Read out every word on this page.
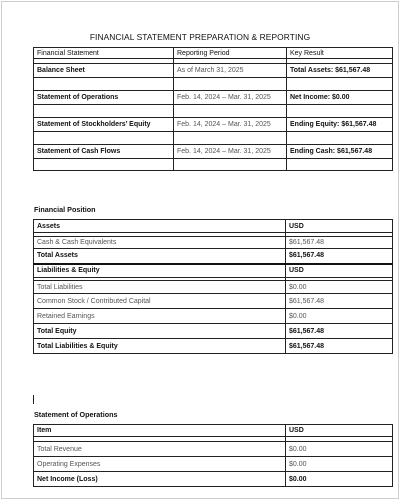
FINANCIAL STATEMENT PREPARATION & REPORTING
Financial Statement	Reporting Period	Key Result

Balance Sheet	As of March 31, 2025	Total Assets: $61,567.48

Statement of Operations	Feb. 14, 2024 – Mar. 31, 2025	Net Income: $0.00

Statement of Stockholders’ Equity	Feb. 14, 2024 – Mar. 31, 2025	Ending Equity: $61,567.48

Statement of Cash Flows	Feb. 14, 2024 – Mar. 31, 2025	Ending Cash: $61,567.48

Financial Position
Assets	USD

Cash & Cash Equivalents	$61,567.48
Total Assets	$61,567.48
Liabilities & Equity	USD

Total Liabilities	$0.00
Common Stock / Contributed Capital	$61,567.48
Retained Earnings	$0.00
Total Equity	$61,567.48
Total Liabilities & Equity	$61,567.48
Statement of Operations
Item	USD

Total Revenue	$0.00
Operating Expenses	$0.00
Net Income (Loss)	$0.00
